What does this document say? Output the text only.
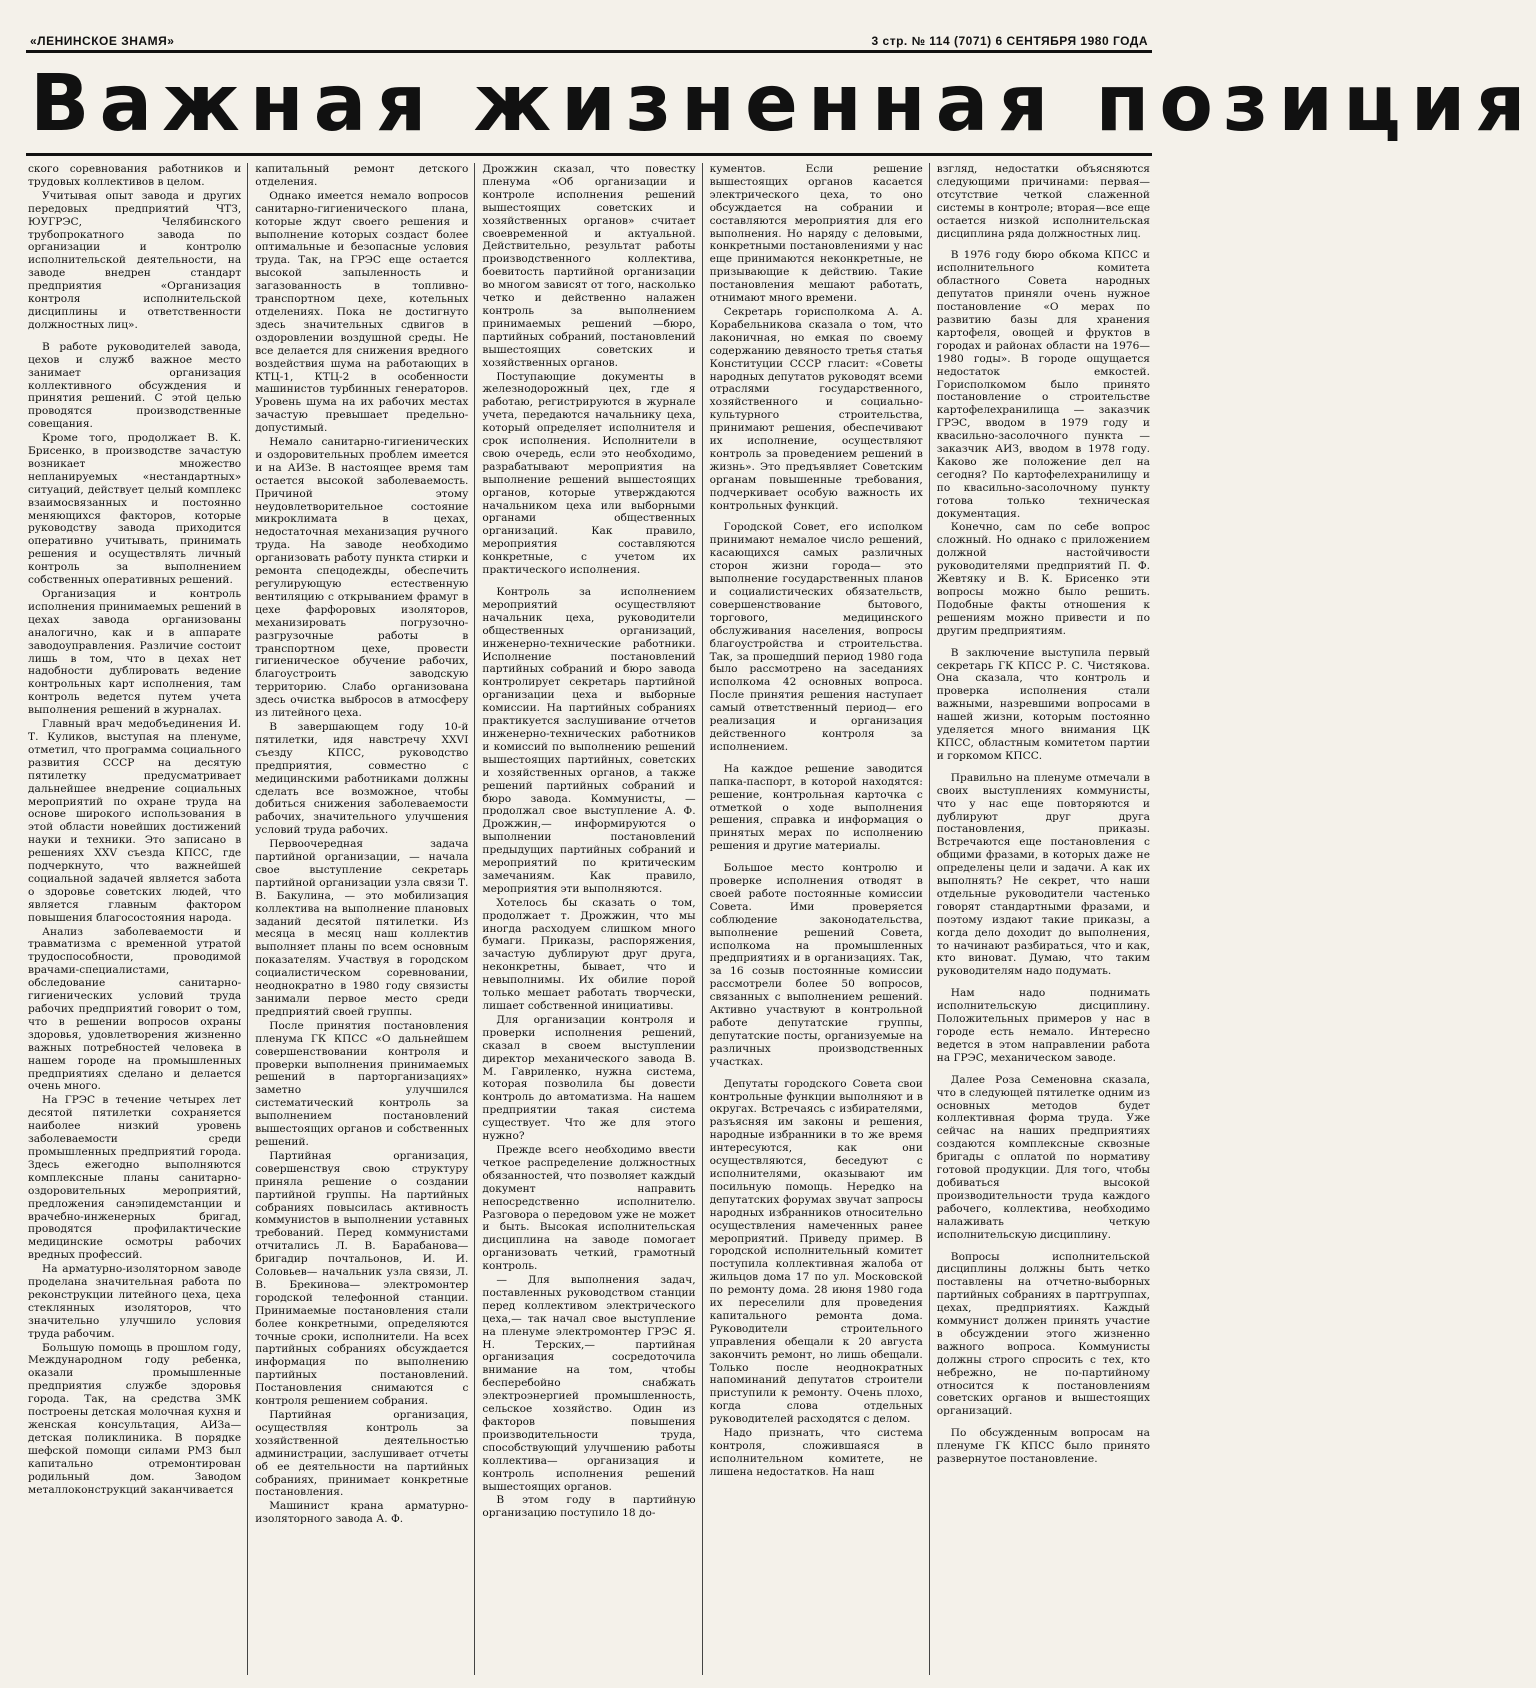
«ЛЕНИНСКОЕ ЗНАМЯ»	3 стр. № 114 (7071) 6 СЕНТЯБРЯ 1980 ГОДА
Важная жизненная позиция

ского соревнования работников и трудовых коллективов в целом.

Учитывая опыт завода и других передовых предприятий ЧТЗ, ЮУГРЭС, Челябинского трубопрокатного завода по организации и контролю исполнительской деятельности, на заводе внедрен стандарт предприятия «Организация контроля исполнительской дисциплины и ответственности должностных лиц».

В работе руководителей завода, цехов и служб важное место занимает организация коллективного обсуждения и принятия решений. С этой целью проводятся производственные совещания.

Кроме того, продолжает В. К. Брисенко, в производстве зачастую возникает множество непланируемых «нестандартных» ситуаций, действует целый комплекс взаимосвязанных и постоянно меняющихся факторов, которые руководству завода приходится оперативно учитывать, принимать решения и осуществлять личный контроль за выполнением собственных оперативных решений.

Организация и контроль исполнения принимаемых решений в цехах завода организованы аналогично, как и в аппарате заводоуправления. Различие состоит лишь в том, что в цехах нет надобности дублировать ведение контрольных карт исполнения, там контроль ведется путем учета выполнения решений в журналах.

Главный врач медобъединения И. Т. Куликов, выступая на пленуме, отметил, что программа социального развития СССР на десятую пятилетку предусматривает дальнейшее внедрение социальных мероприятий по охране труда на основе широкого использования в этой области новейших достижений науки и техники. Это записано в решениях XXV съезда КПСС, где подчеркнуто, что важнейшей социальной задачей является забота о здоровье советских людей, что является главным фактором повышения благосостояния народа.

Анализ заболеваемости и травматизма с временной утратой трудоспособности, проводимой врачами-специалистами, обследование санитарно-гигиенических условий труда рабочих предприятий говорит о том, что в решении вопросов охраны здоровья, удовлетворения жизненно важных потребностей человека в нашем городе на промышленных предприятиях сделано и делается очень много.

На ГРЭС в течение четырех лет десятой пятилетки сохраняется наиболее низкий уровень заболеваемости среди промышленных предприятий города. Здесь ежегодно выполняются комплексные планы санитарно-оздоровительных мероприятий, предложения санэпидемстанции и врачебно-инженерных бригад, проводятся профилактические медицинские осмотры рабочих вредных профессий.

На арматурно-изоляторном заводе проделана значительная работа по реконструкции литейного цеха, цеха стеклянных изоляторов, что значительно улучшило условия труда рабочим.

Большую помощь в прошлом году, Международном году ребенка, оказали промышленные предприятия службе здоровья города. Так, на средства ЗМК построены детская молочная кухня и женская консультация, АИЗа—детская поликлиника. В порядке шефской помощи силами РМЗ был капитально отремонтирован родильный дом. Заводом металлоконструкций заканчивается

капитальный ремонт детского отделения.

Однако имеется немало вопросов санитарно-гигиенического плана, которые ждут своего решения и выполнение которых создаст более оптимальные и безопасные условия труда. Так, на ГРЭС еще остается высокой запыленность и загазованность в топливно-транспортном цехе, котельных отделениях. Пока не достигнуто здесь значительных сдвигов в оздоровлении воздушной среды. Не все делается для снижения вредного воздействия шума на работающих в КТЦ-1, КТЦ-2 в особенности машинистов турбинных генераторов. Уровень шума на их рабочих местах зачастую превышает предельно-допустимый.

Немало санитарно-гигиенических и оздоровительных проблем имеется и на АИЗе. В настоящее время там остается высокой заболеваемость. Причиной этому неудовлетворительное состояние микроклимата в цехах, недостаточная механизация ручного труда. На заводе необходимо организовать работу пункта стирки и ремонта спецодежды, обеспечить регулирующую естественную вентиляцию с открыванием фрамуг в цехе фарфоровых изоляторов, механизировать погрузочно-разгрузочные работы в транспортном цехе, провести гигиеническое обучение рабочих, благоустроить заводскую территорию. Слабо организована здесь очистка выбросов в атмосферу из литейного цеха.

В завершающем году 10-й пятилетки, идя навстречу XXVI съезду КПСС, руководство предприятия, совместно с медицинскими работниками должны сделать все возможное, чтобы добиться снижения заболеваемости рабочих, значительного улучшения условий труда рабочих.

Первоочередная задача партийной организации, — начала свое выступление секретарь партийной организации узла связи Т. В. Бакулина, — это мобилизация коллектива на выполнение плановых заданий десятой пятилетки. Из месяца в месяц наш коллектив выполняет планы по всем основным показателям. Участвуя в городском социалистическом соревновании, неоднократно в 1980 году связисты занимали первое место среди предприятий своей группы.

После принятия постановления пленума ГК КПСС «О дальнейшем совершенствовании контроля и проверки выполнения принимаемых решений в парторганизациях» заметно улучшился систематический контроль за выполнением постановлений вышестоящих органов и собственных решений.

Партийная организация, совершенствуя свою структуру приняла решение о создании партийной группы. На партийных собраниях повысилась активность коммунистов в выполнении уставных требований. Перед коммунистами отчитались Л. В. Барабанова— бригадир почтальонов, И. И. Соловьев— начальник узла связи, Л. В. Брекинова— электромонтер городской телефонной станции. Принимаемые постановления стали более конкретными, определяются точные сроки, исполнители. На всех партийных собраниях обсуждается информация по выполнению партийных постановлений. Постановления снимаются с контроля решением собрания.

Партийная организация, осуществляя контроль за хозяйственной деятельностью администрации, заслушивает отчеты об ее деятельности на партийных собраниях, принимает конкретные постановления.

Машинист крана арматурно-изоляторного завода А. Ф.

Дрожжин сказал, что повестку пленума «Об организации и контроле исполнения решений вышестоящих советских и хозяйственных органов» считает своевременной и актуальной. Действительно, результат работы производственного коллектива, боевитость партийной организации во многом зависят от того, насколько четко и действенно налажен контроль за выполнением принимаемых решений —бюро, партийных собраний, постановлений вышестоящих советских и хозяйственных органов.

Поступающие документы в железнодорожный цех, где я работаю, регистрируются в журнале учета, передаются начальнику цеха, который определяет исполнителя и срок исполнения. Исполнители в свою очередь, если это необходимо, разрабатывают мероприятия на выполнение решений вышестоящих органов, которые утверждаются начальником цеха или выборными органами общественных организаций. Как правило, мероприятия составляются конкретные, с учетом их практического исполнения.

Контроль за исполнением мероприятий осуществляют начальник цеха, руководители общественных организаций, инженерно-технические работники. Исполнение постановлений партийных собраний и бюро завода контролирует секретарь партийной организации цеха и выборные комиссии. На партийных собраниях практикуется заслушивание отчетов инженерно-технических работников и комиссий по выполнению решений вышестоящих партийных, советских и хозяйственных органов, а также решений партийных собраний и бюро завода. Коммунисты, — продолжал свое выступление А. Ф. Дрожжин,— информируются о выполнении постановлений предыдущих партийных собраний и мероприятий по критическим замечаниям. Как правило, мероприятия эти выполняются.

Хотелось бы сказать о том, продолжает т. Дрожжин, что мы иногда расходуем слишком много бумаги. Приказы, распоряжения, зачастую дублируют друг друга, неконкретны, бывает, что и невыполнимы. Их обилие порой только мешает работать творчески, лишает собственной инициативы.

Для организации контроля и проверки исполнения решений, сказал в своем выступлении директор механического завода В. М. Гавриленко, нужна система, которая позволила бы довести контроль до автоматизма. На нашем предприятии такая система существует. Что же для этого нужно?

Прежде всего необходимо ввести четкое распределение должностных обязанностей, что позволяет каждый документ направить непосредственно исполнителю. Разговора о передовом уже не может и быть. Высокая исполнительская дисциплина на заводе помогает организовать четкий, грамотный контроль.

— Для выполнения задач, поставленных руководством станции перед коллективом электрического цеха,— так начал свое выступление на пленуме электромонтер ГРЭС Я. Н. Терских,— партийная организация сосредоточила внимание на том, чтобы бесперебойно снабжать электроэнергией промышленность, сельское хозяйство. Один из факторов повышения производительности труда, способствующий улучшению работы коллектива— организация и контроль исполнения решений вышестоящих органов.

В этом году в партийную организацию поступило 18 до-

кументов. Если решение вышестоящих органов касается электрического цеха, то оно обсуждается на собрании и составляются мероприятия для его выполнения. Но наряду с деловыми, конкретными постановлениями у нас еще принимаются неконкретные, не призывающие к действию. Такие постановления мешают работать, отнимают много времени.

Секретарь горисполкома А. А. Корабельникова сказала о том, что лаконичная, но емкая по своему содержанию девяносто третья статья Конституции СССР гласит: «Советы народных депутатов руководят всеми отраслями государственного, хозяйственного и социально-культурного строительства, принимают решения, обеспечивают их исполнение, осуществляют контроль за проведением решений в жизнь». Это предъявляет Советским органам повышенные требования, подчеркивает особую важность их контрольных функций.

Городской Совет, его исполком принимают немалое число решений, касающихся самых различных сторон жизни города— это выполнение государственных планов и социалистических обязательств, совершенствование бытового, торгового, медицинского обслуживания населения, вопросы благоустройства и строительства. Так, за прошедший период 1980 года было рассмотрено на заседаниях исполкома 42 основных вопроса. После принятия решения наступает самый ответственный период— его реализация и организация действенного контроля за исполнением.

На каждое решение заводится папка-паспорт, в которой находятся: решение, контрольная карточка с отметкой о ходе выполнения решения, справка и информация о принятых мерах по исполнению решения и другие материалы.

Большое место контролю и проверке исполнения отводят в своей работе постоянные комиссии Совета. Ими проверяется соблюдение законодательства, выполнение решений Совета, исполкома на промышленных предприятиях и в организациях. Так, за 16 созыв постоянные комиссии рассмотрели более 50 вопросов, связанных с выполнением решений. Активно участвуют в контрольной работе депутатские группы, депутатские посты, организуемые на различных производственных участках.

Депутаты городского Совета свои контрольные функции выполняют и в округах. Встречаясь с избирателями, разъясняя им законы и решения, народные избранники в то же время интересуются, как они осуществляются, беседуют с исполнителями, оказывают им посильную помощь. Нередко на депутатских форумах звучат запросы народных избранников относительно осуществления намеченных ранее мероприятий. Приведу пример. В городской исполнительный комитет поступила коллективная жалоба от жильцов дома 17 по ул. Московской по ремонту дома. 28 июня 1980 года их переселили для проведения капитального ремонта дома. Руководители строительного управления обещали к 20 августа закончить ремонт, но лишь обещали. Только после неоднократных напоминаний депутатов строители приступили к ремонту. Очень плохо, когда слова отдельных руководителей расходятся с делом.

Надо признать, что система контроля, сложившаяся в исполнительном комитете, не лишена недостатков. На наш

взгляд, недостатки объясняются следующими причинами: первая— отсутствие четкой слаженной системы в контроле; вторая—все еще остается низкой исполнительская дисциплина ряда должностных лиц.

В 1976 году бюро обкома КПСС и исполнительного комитета областного Совета народных депутатов приняли очень нужное постановление «О мерах по развитию базы для хранения картофеля, овощей и фруктов в городах и районах области на 1976—1980 годы». В городе ощущается недостаток емкостей. Горисполкомом было принято постановление о строительстве картофелехранилища — заказчик ГРЭС, вводом в 1979 году и квасильно-засолочного пункта — заказчик АИЗ, вводом в 1978 году. Каково же положение дел на сегодня? По картофелехранилищу и по квасильно-засолочному пункту готова только техническая документация.

Конечно, сам по себе вопрос сложный. Но однако с приложением должной настойчивости руководителями предприятий П. Ф. Жевтяку и В. К. Брисенко эти вопросы можно было решить. Подобные факты отношения к решениям можно привести и по другим предприятиям.

В заключение выступила первый секретарь ГК КПСС Р. С. Чистякова. Она сказала, что контроль и проверка исполнения стали важными, назревшими вопросами в нашей жизни, которым постоянно уделяется много внимания ЦК КПСС, областным комитетом партии и горкомом КПСС.

Правильно на пленуме отмечали в своих выступлениях коммунисты, что у нас еще повторяются и дублируют друг друга постановления, приказы. Встречаются еще постановления с общими фразами, в которых даже не определены цели и задачи. А как их выполнять? Не секрет, что наши отдельные руководители частенько говорят стандартными фразами, и поэтому издают такие приказы, а когда дело доходит до выполнения, то начинают разбираться, что и как, кто виноват. Думаю, что таким руководителям надо подумать.

Нам надо поднимать исполнительскую дисциплину. Положительных примеров у нас в городе есть немало. Интересно ведется в этом направлении работа на ГРЭС, механическом заводе.

Далее Роза Семеновна сказала, что в следующей пятилетке одним из основных методов будет коллективная форма труда. Уже сейчас на наших предприятиях создаются комплексные сквозные бригады с оплатой по нормативу готовой продукции. Для того, чтобы добиваться высокой производительности труда каждого рабочего, коллектива, необходимо налаживать четкую исполнительскую дисциплину.

Вопросы исполнительской дисциплины должны быть четко поставлены на отчетно-выборных партийных собраниях в партгруппах, цехах, предприятиях. Каждый коммунист должен принять участие в обсуждении этого жизненно важного вопроса. Коммунисты должны строго спросить с тех, кто небрежно, не по-партийному относится к постановлениям советских органов и вышестоящих организаций.

По обсужденным вопросам на пленуме ГК КПСС было принято развернутое постановление.
